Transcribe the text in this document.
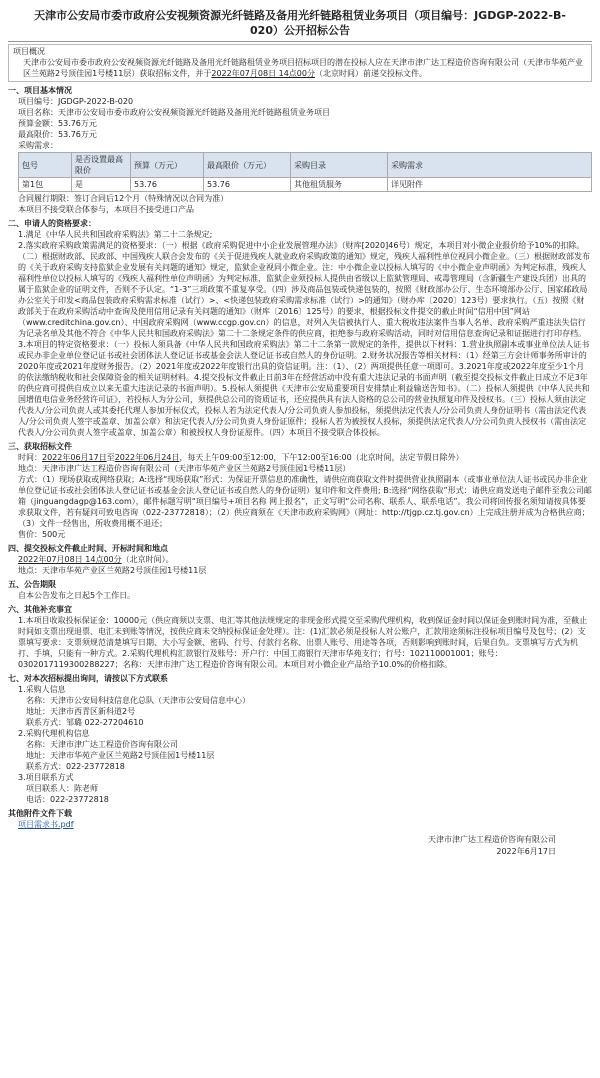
天津市公安局市委市政府公安视频资源光纤链路及备用光纤链路租赁业务项目（项目编号：JGDGP-2022-B-020）公开招标公告
项目概况
天津市公安局市委市政府公安视频资源光纤链路及备用光纤链路租赁业务项目招标项目的潜在投标人应在天津市津广达工程造价咨询有限公司（天津市华苑产业区兰苑路2号顶佳园1号楼11层）获取招标文件，并于2022年07月08日 14点00分（北京时间）前递交投标文件。
一、项目基本情况
项目编号：JGDGP-2022-B-020
项目名称：天津市公安局市委市政府公安视频资源光纤链路及备用光纤链路租赁业务项目
预算金额：53.76万元
最高限价：53.76万元
采购需求：
包号	是否设置最高限价	预算（万元）	最高限价（万元）	采购目录	采购需求
第1包	是	53.76	53.76	其他租赁服务	详见附件
合同履行期限：签订合同后12个月（特殊情况以合同为准）
本项目不接受联合体参与，本项目不接受进口产品
二、申请人的资格要求：
1.满足《中华人民共和国政府采购法》第二十二条规定;
2.落实政府采购政策需满足的资格要求：（一）根据《政府采购促进中小企业发展管理办法》（财库[2020]46号）规定，本项目对小微企业报价给予10%的扣除。（二）根据财政部、民政部、中国残疾人联合会发布的《关于促进残疾人就业政府采购政策的通知》规定，残疾人福利性单位视同小微企业。（三）根据财政部发布的《关于政府采购支持监狱企业发展有关问题的通知》规定，监狱企业视同小微企业。注：中小微企业以投标人填写的《中小微企业声明函》为判定标准，残疾人福利性单位以投标人填写的《残疾人福利性单位声明函》为判定标准，监狱企业须投标人提供由省级以上监狱管理局、戒毒管理局（含新疆生产建设兵团）出具的属于监狱企业的证明文件，否则不予认定。“1-3”三项政策不重复享受。（四）涉及商品包装或快递包装的，按照《财政部办公厅、生态环境部办公厅、国家邮政局办公室关于印发<商品包装政府采购需求标准（试行）>、<快递包装政府采购需求标准（试行）>的通知》（财办库〔2020〕123号）要求执行。（五）按照《财政部关于在政府采购活动中查询及使用信用记录有关问题的通知》（财库〔2016〕125号）的要求，根据投标文件提交的截止时间“信用中国”网站（www.creditchina.gov.cn）、中国政府采购网（www.ccgp.gov.cn）的信息，对列入失信被执行人、重大税收违法案件当事人名单、政府采购严重违法失信行为记录名单及其他不符合《中华人民共和国政府采购法》第二十二条规定条件的供应商，拒绝参与政府采购活动，同时对信用信息查询记录和证据进行打印存档。
3.本项目的特定资格要求：（一）投标人须具备《中华人民共和国政府采购法》第二十二条第一款规定的条件，提供以下材料：1.营业执照副本或事业单位法人证书或民办非企业单位登记证书或社会团体法人登记证书或基金会法人登记证书或自然人的身份证明。2.财务状况报告等相关材料：（1）经第三方会计师事务所审计的2020年度或2021年度财务报告。（2）2021年度或2022年度银行出具的资信证明。注：（1）、（2）两项提供任意一项即可。3.2021年度或2022年度至少1个月的依法缴纳税收和社会保障资金的相关证明材料。4.提交投标文件截止日前3年在经营活动中没有重大违法记录的书面声明（截至提交投标文件截止日成立不足3年的供应商可提供自成立以来无重大违法记录的书面声明）。5.投标人须提供《天津市公安局重要项目安排禁止利益输送告知书》。（二）投标人须提供《中华人民共和国增值电信业务经营许可证》，若投标人为分公司，须提供总公司的资质证书，还应提供具有法人资格的总公司的营业执照复印件及授权书。（三）投标人须由法定代表人/分公司负责人或其委托代理人参加开标仪式，投标人若为法定代表人/分公司负责人参加投标，须提供法定代表人/分公司负责人身份证明书（需由法定代表人/分公司负责人签字或盖章、加盖公章）和法定代表人/分公司负责人身份证原件；投标人若为被授权人投标，须提供法定代表人/分公司负责人授权书（需由法定代表人/分公司负责人签字或盖章、加盖公章）和被授权人身份证原件。（四）本项目不接受联合体投标。
三、获取招标文件
时间：2022年06月17日至2022年06月24日，每天上午09:00至12:00，下午12:00至16:00（北京时间，法定节假日除外）
地点：天津市津广达工程造价咨询有限公司（天津市华苑产业区兰苑路2号顶佳园1号楼11层）
方式：（1）现场获取或网络获取；A:选择“现场获取”形式：为保证开票信息的准确性，请供应商获取文件时提供营业执照副本（或事业单位法人证书或民办非企业单位登记证书或社会团体法人登记证书或基金会法人登记证书或自然人的身份证明）复印件和文件费用; B:选择“网络获取”形式：请供应商发送电子邮件至我公司邮箱（jinguangdagp@163.com），邮件标题写明“项目编号+项目名称 网上报名”，正文写明“公司名称、联系人、联系电话”。我公司将回传报名须知请按具体要求获取文件，若有疑问可致电咨询（022-23772818）；（2）供应商须在《天津市政府采购网》（网址：http://tjgp.cz.tj.gov.cn）上完成注册并成为合格供应商；（3）文件一经售出，所收费用概不退还；
售价：500元
四、提交投标文件截止时间、开标时间和地点
2022年07月08日 14点00分（北京时间）。
地点：天津市华苑产业区兰苑路2号顶佳园1号楼11层
五、公告期限
自本公告发布之日起5个工作日。
六、其他补充事宜
1.本项目收取投标保证金：10000元（供应商须以支票、电汇等其他法规规定的非现金形式提交至采购代理机构，收到保证金时间以保证金到账时间为准，至截止时间如支票出现退票、电汇未到账等情况，按供应商未交纳投标保证金处理）。注：(1)汇款必须是投标人对公账户，汇款用途须标注投标项目编号及包号；(2）支票填写要求：支票须规范清楚填写日期、大小写金额、密码、行号、付款行名称、出票人账号、用途等各项，否则影响到账时间，后果自负。支票填写方式为机打、手填，只能有一种方式。2.采购代理机构汇款银行及账号：开户行：中国工商银行天津市华苑支行；行号：102110001001；账号：0302017119300288227；名称：天津市津广达工程造价咨询有限公司。本项目对小微企业产品给予10.0%的价格扣除。
七、对本次招标提出询问，请按以下方式联系
1.采购人信息
名称：天津市公安局科技信息化总队（天津市公安局信息中心）
地址：天津市西青区新科道2号
联系方式：邹璐 022-27204610
2.采购代理机构信息
名称：天津市津广达工程造价咨询有限公司
地址：天津市华苑产业区兰苑路2号顶佳园1号楼11层
联系方式：022-23772818
3.项目联系方式
项目联系人：陈老师
电话：022-23772818
其他附件文件下载
项目需求书.pdf
天津市津广达工程造价咨询有限公司
2022年6月17日
